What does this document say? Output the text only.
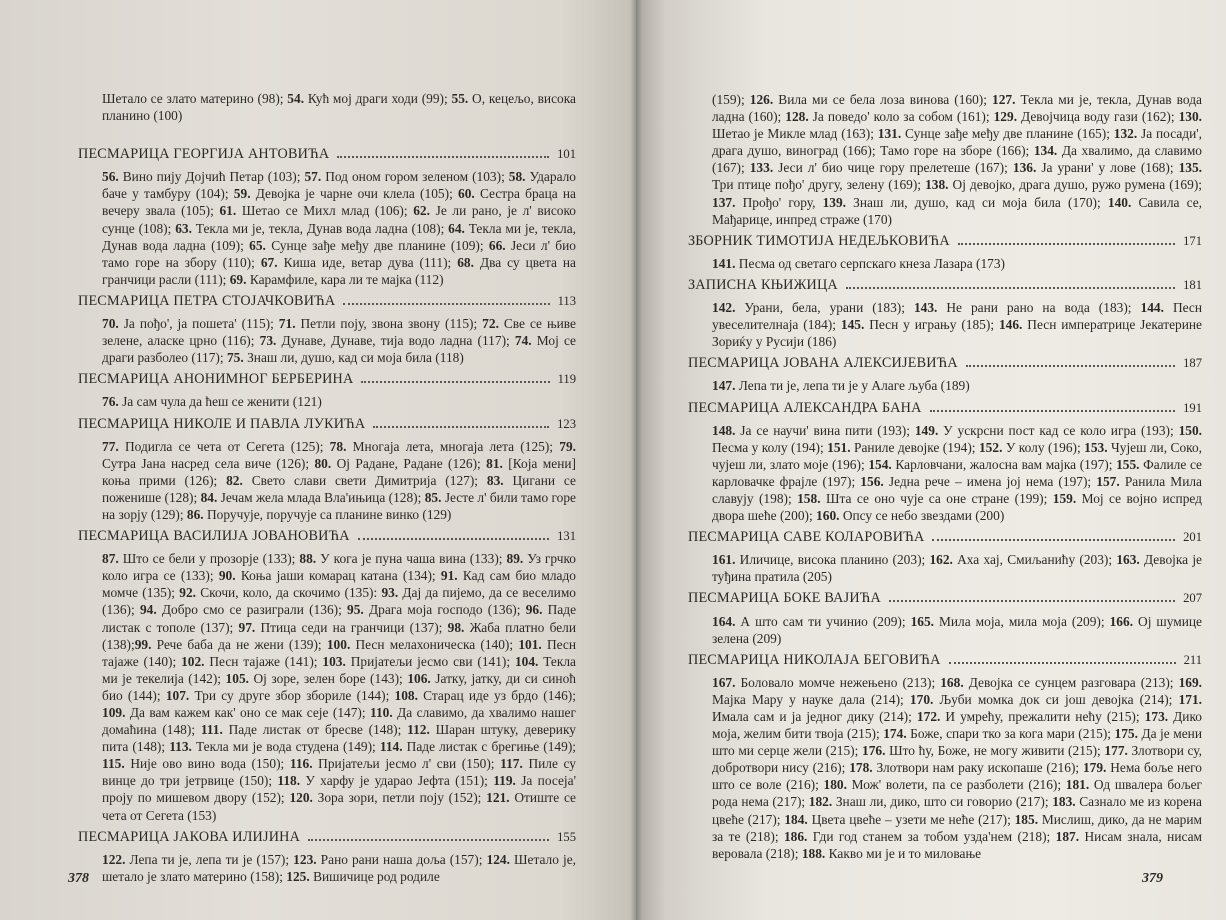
Шетало се злато материно (98); 54. Кућ мој драги ходи (99); 55. О, кецељо, висока планино (100)

ПЕСМАРИЦА ГЕОРГИЈА АНТОВИЋА	101

56. Вино пију Дојчић Петар (103); 57. Под оном гором зеленом (103); 58. Ударало баче у тамбуру (104); 59. Девојка је чарне очи клела (105); 60. Сестра браца на вечеру звала (105); 61. Шетао се Михл млад (106); 62. Је ли рано, је л' високо сунце (108); 63. Текла ми је, текла, Дунав вода ладна (108); 64. Текла ми је, текла, Дунав вода ладна (109); 65. Сунце зађе међу две планине (109); 66. Јеси л' био тамо горе на збору (110); 67. Киша иде, ветар дува (111); 68. Два су цвета на гранчици расли (111); 69. Карамфиле, кара ли те мајка (112)

ПЕСМАРИЦА ПЕТРА СТОЈАЧКОВИЋА	113

70. Ја пођо', ја пошета' (115); 71. Петли поју, звона звону (115); 72. Све се њиве зелене, аласке црно (116); 73. Дунаве, Дунаве, тија водо ладна (117); 74. Мој се драги разболео (117); 75. Знаш ли, душо, кад си моја била (118)

ПЕСМАРИЦА АНОНИМНОГ БЕРБЕРИНА	119

76. Ја сам чула да ћеш се женити (121)

ПЕСМАРИЦА НИКОЛЕ И ПАВЛА ЛУКИЋА	123

77. Подигла се чета от Сегета (125); 78. Многаја лета, многаја лета (125); 79. Сутра Јана насред села виче (126); 80. Ој Радане, Радане (126); 81. [Која мени] коња прими (126); 82. Свето слави свети Димитрија (127); 83. Цигани се поженише (128); 84. Јечам жела млада Вла'ињица (128); 85. Јесте л' били тамо горе на зорју (129); 86. Поручује, поручује са планине винко (129)

ПЕСМАРИЦА ВАСИЛИЈА ЈОВАНОВИЋА	131

87. Што се бели у прозорје (133); 88. У кога је пуна чаша вина (133); 89. Уз грчко коло игра се (133); 90. Коња јаши комарац катана (134); 91. Кад сам био младо момче (135); 92. Скочи, коло, да скочимо (135): 93. Дај да пијемо, да се веселимо (136); 94. Добро смо се разиграли (136); 95. Драга моја господо (136); 96. Паде листак с тополе (137); 97. Птица седи на гранчици (137); 98. Жаба платно бели (138);99. Рече баба да не жени (139); 100. Песн мелахоническа (140); 101. Песн тајаже (140); 102. Песн тајаже (141); 103. Пријатељи јесмо сви (141); 104. Текла ми је текелија (142); 105. Ој зоре, зелен боре (143); 106. Јатку, јатку, ди си синоћ био (144); 107. Три су друге збор збориле (144); 108. Старац иде уз брдо (146); 109. Да вам кажем как' оно се мак сеје (147); 110. Да славимо, да хвалимо нашег домаћина (148); 111. Паде листак от бресве (148); 112. Шаран штуку, деверику пита (148); 113. Текла ми је вода студена (149); 114. Паде листак с брегиње (149); 115. Није ово вино вода (150); 116. Пријатељи јесмо л' сви (150); 117. Пиле су винце до три јетрвице (150); 118. У харфу је ударао Јефта (151); 119. Ја посеја' пројy по мишевом двору (152); 120. Зора зори, петли поју (152); 121. Отиште се чета от Сегета (153)

ПЕСМАРИЦА ЈАКОВА ИЛИЈИНА	155

122. Лепа ти је, лепа ти је (157); 123. Рано рани наша доља (157); 124. Шетало је, шетало је злато материно (158); 125. Вишичице род родиле

378

(159); 126. Вила ми се бела лоза винова (160); 127. Текла ми је, текла, Дунав вода ладна (160); 128. Ја поведо' коло за собом (161); 129. Девојчица воду гази (162); 130. Шетао је Микле млад (163); 131. Сунце зађе међу две планине (165); 132. Ја посади', драга душо, виноград (166); Тамо горе на зборе (166); 134. Да хвалимо, да славимо (167); 133. Јеси л' био чице гору прелетеше (167); 136. Ја урани' у лове (168); 135. Три птице пођо' другу, зелену (169); 138. Ој девојко, драга душо, ружо румена (169); 137. Прођо' гору, 139. Знаш ли, душо, кад си моја била (170); 140. Савила се, Мађарице, инпред страже (170)

ЗБОРНИК ТИМОТИЈА НЕДЕЉКОВИЋА	171

141. Песма од светаго серпскаго кнеза Лазара (173)

ЗАПИСНА КЊИЖИЦА	181

142. Урани, бела, урани (183); 143. Не рани рано на вода (183); 144. Песн увеселителнаја (184); 145. Песн у игрању (185); 146. Песн императрице Јекатерине Зориќу у Русији (186)

ПЕСМАРИЦА ЈОВАНА АЛЕКСИЈЕВИЋА	187

147. Лепа ти је, лепа ти је у Алаге љуба (189)

ПЕСМАРИЦА АЛЕКСАНДРА БАНА	191

148. Ја се научи' вина пити (193); 149. У ускрсни пост кад се коло игра (193); 150. Песма у колу (194); 151. Раниле девојке (194); 152. У колу (196); 153. Чујеш ли, Соко, чујеш ли, злато моје (196); 154. Карловчани, жалосна вам мајка (197); 155. Фалиле се карловачке фрајле (197); 156. Једна рече – имена јој нема (197); 157. Ранила Мила славују (198); 158. Шта се оно чује са оне стране (199); 159. Мој се војно испред двора шеће (200); 160. Опсу се небо звездами (200)

ПЕСМАРИЦА САВЕ КОЛАРОВИЋА	201

161. Иличице, висока планино (203); 162. Аха хај, Смиљанићу (203); 163. Девојка је туђина пратила (205)

ПЕСМАРИЦА БОКЕ ВАЈИЋА	207

164. А што сам ти учинио (209); 165. Мила моја, мила моја (209); 166. Ој шумице зелена (209)

ПЕСМАРИЦА НИКОЛАЈА БЕГОВИЋА	211

167. Боловало момче нежењено (213); 168. Девојка се сунцем разговара (213); 169. Мајка Мару у науке дала (214); 170. Љуби момка док си још девојка (214); 171. Имала сам и ја једног дику (214); 172. И умрећу, прежалити нећу (215); 173. Дико моја, желим бити твоја (215); 174. Боже, спари тко за кога мари (215); 175. Да је мени што ми серце жели (215); 176. Што ћу, Боже, не могу живити (215); 177. Злотвори су, добротвори нису (216); 178. Злотвори нам раку ископаше (216); 179. Нема боље него што се воле (216); 180. Мож' волети, па се разболети (216); 181. Од швалера бољег рода нема (217); 182. Знаш ли, дико, што си говорио (217); 183. Сазнало ме из корена цвеће (217); 184. Цвета цвеће – узети ме неће (217); 185. Мислиш, дико, да не марим за те (218); 186. Гди год станем за тобом узда'нем (218); 187. Нисам знала, нисам веровала (218); 188. Какво ми је и то миловање

379
